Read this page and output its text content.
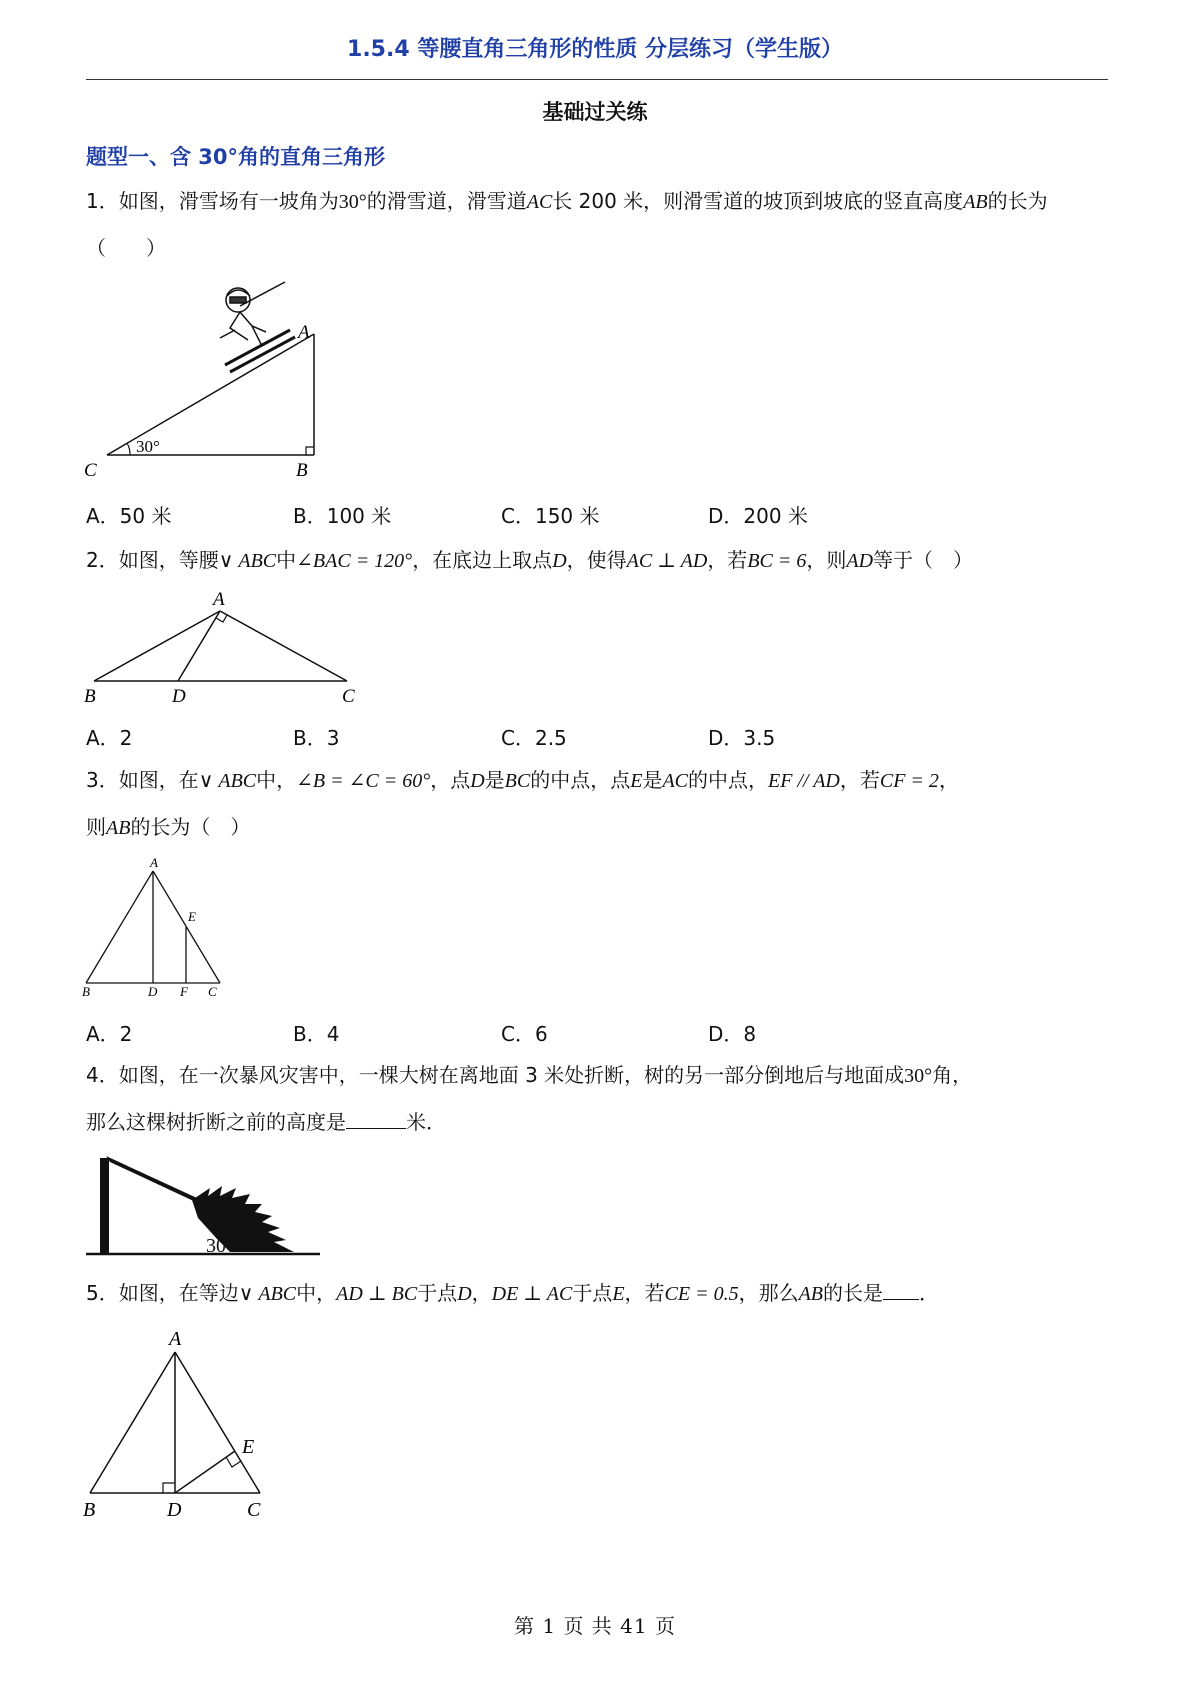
1.5.4 等腰直角三角形的性质 分层练习（学生版）
基础过关练
题型一、含 30°角的直角三角形
1．如图，滑雪场有一坡角为30°的滑雪道，滑雪道AC长 200 米，则滑雪道的坡顶到坡底的竖直高度AB的长为（　　）
A
B
C
30°
A．50 米	B．100 米	C．150 米	D．200 米
2．如图，等腰∨ ABC中∠BAC = 120°，在底边上取点D，使得AC ⊥ AD，若BC = 6，则AD等于（　）
A
B	D	C
A．2	B．3	C．2.5	D．3.5
3．如图，在∨ ABC中，∠B = ∠C = 60°，点D是BC的中点，点E是AC的中点，EF // AD，若CF = 2，
则AB的长为（　）
A
E
B	D F C
A．2	B．4	C．6	D．8
4．如图，在一次暴风灾害中，一棵大树在离地面 3 米处折断，树的另一部分倒地后与地面成30°角，
那么这棵树折断之前的高度是	米．
30°
5．如图，在等边∨ ABC中，AD ⊥ BC于点D，DE ⊥ AC于点E，若CE = 0.5，那么AB的长是 ．
A
E
B	D	C
第 1 页 共 41 页
